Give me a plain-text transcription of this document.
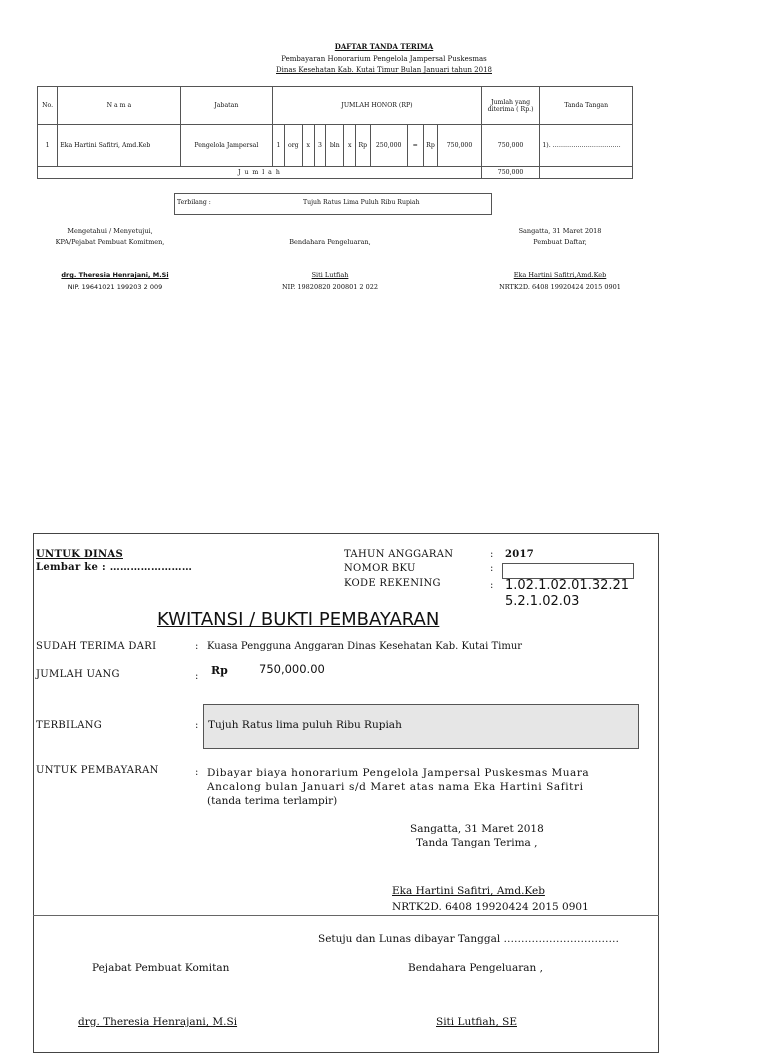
DAFTAR TANDA TERIMA
Pembayaran Honorarium Pengelola Jampersal Puskesmas
Dinas Kesehatan Kab. Kutai Timur Bulan Januari tahun 2018
No.	N a m a	Jabatan	JUMLAH HONOR (RP)											Jumlah yang diterima ( Rp.)	Tanda Tangan
1	Eka Hartini Safitri, Amd.Keb	Pengelola Jampersal	1	org	x	3	bln	x	Rp	250,000	=	Rp	750,000	750,000	1). ……………………………
J u m l a h														750,000	
Terbilang :	Tujuh Ratus Lima Puluh Ribu Rupiah
Mengetahui / Menyetujui,
KPA/Pejabat Pembuat Komitmen,
drg. Theresia Henrajani, M.Si
NIP. 19641021 199203 2 009
Bendahara Pengeluaran,
Siti Lutfiah
NIP. 19820820 200801 2 022
Sangatta, 31 Maret 2018
Pembuat Daftar,
Eka Hartini Safitri,Amd.Keb
NRTK2D. 6408 19920424 2015 0901
UNTUK DINAS
Lembar ke : ……………………
TAHUN ANGGARAN	: 2017
NOMOR BKU	:
KODE REKENING	: 1.02.1.02.01.32.21
5.2.1.02.03
KWITANSI / BUKTI PEMBAYARAN
SUDAH TERIMA DARI	: Kuasa Pengguna Anggaran Dinas Kesehatan Kab. Kutai Timur
JUMLAH UANG	: Rp	750,000.00
TERBILANG	: Tujuh Ratus lima puluh Ribu Rupiah
UNTUK PEMBAYARAN	: Dibayar biaya honorarium Pengelola Jampersal Puskesmas Muara
Ancalong bulan Januari s/d Maret atas nama Eka Hartini Safitri
(tanda terima terlampir)
Sangatta, 31 Maret 2018
Tanda Tangan Terima ,
Eka Hartini Safitri, Amd.Keb
NRTK2D. 6408 19920424 2015 0901
Setuju dan Lunas dibayar Tanggal ……………………………
Pejabat Pembuat Komitan	Bendahara Pengeluaran ,
drg. Theresia Henrajani, M.Si	Siti Lutfiah, SE
